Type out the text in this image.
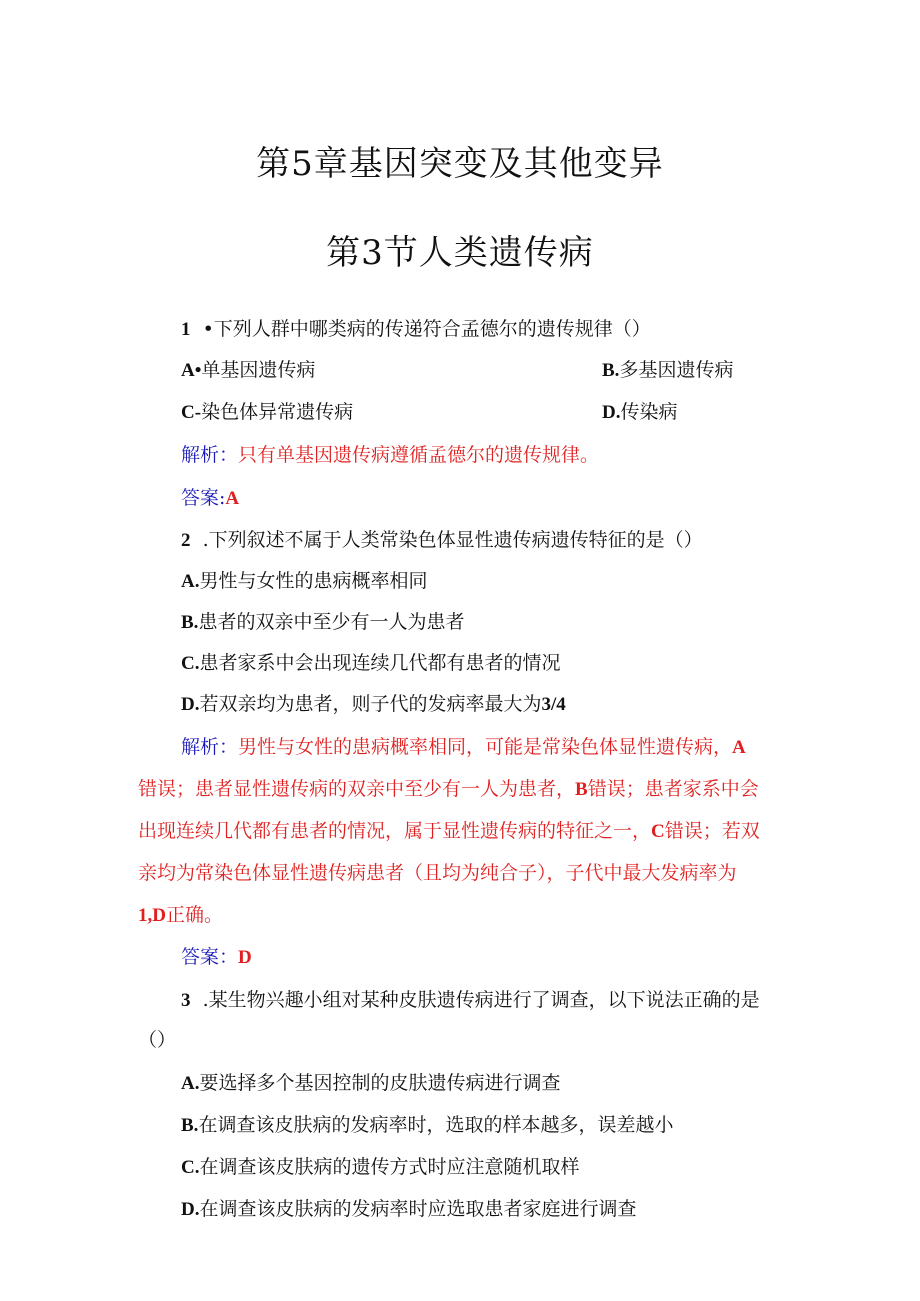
第5章基因突变及其他变异
第3节人类遗传病
1 •下列人群中哪类病的传递符合孟德尔的遗传规律（）
A•单基因遗传病	B.多基因遗传病
C-染色体异常遗传病	D.传染病
解析：只有单基因遗传病遵循孟德尔的遗传规律。
答案:A
2 .下列叙述不属于人类常染色体显性遗传病遗传特征的是（）
A.男性与女性的患病概率相同
B.患者的双亲中至少有一人为患者
C.患者家系中会出现连续几代都有患者的情况
D.若双亲均为患者，则子代的发病率最大为3/4
解析：男性与女性的患病概率相同，可能是常染色体显性遗传病，A
错误；患者显性遗传病的双亲中至少有一人为患者，B错误；患者家系中会
出现连续几代都有患者的情况，属于显性遗传病的特征之一，C错误；若双
亲均为常染色体显性遗传病患者（且均为纯合子），子代中最大发病率为
1,D正确。
答案：D
3 .某生物兴趣小组对某种皮肤遗传病进行了调查，以下说法正确的是
（）
A.要选择多个基因控制的皮肤遗传病进行调查
B.在调查该皮肤病的发病率时，选取的样本越多，误差越小
C.在调查该皮肤病的遗传方式时应注意随机取样
D.在调查该皮肤病的发病率时应选取患者家庭进行调查
